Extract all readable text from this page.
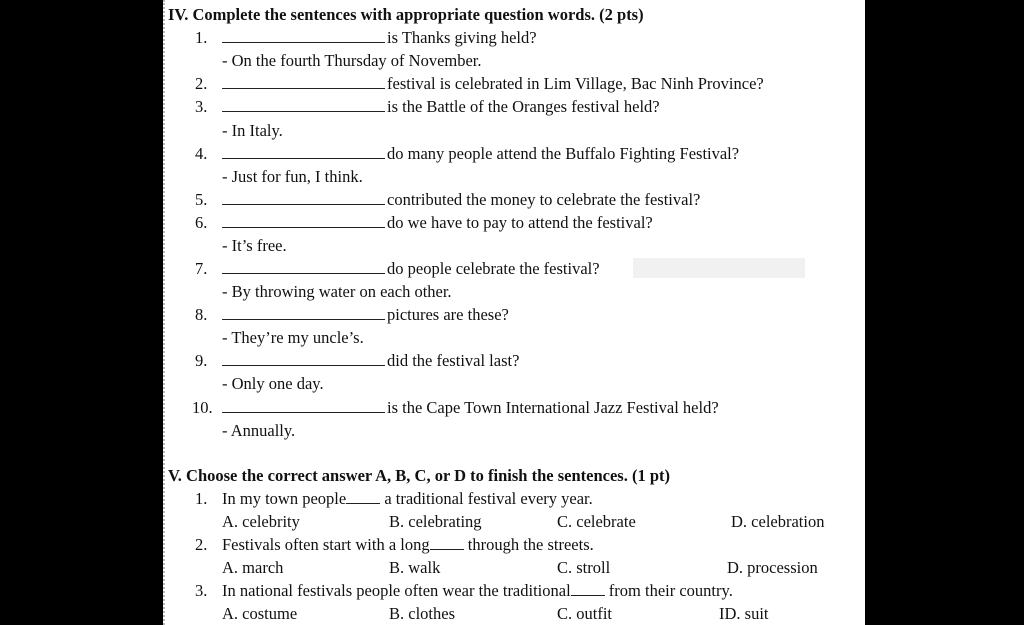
IV. Complete the sentences with appropriate question words. (2 pts)
1.	is Thanks giving held?
- On the fourth Thursday of November.
2.	festival is celebrated in Lim Village, Bac Ninh Province?
3.	is the Battle of the Oranges festival held?
- In Italy.
4.	do many people attend the Buffalo Fighting Festival?
- Just for fun, I think.
5.	contributed the money to celebrate the festival?
6.	do we have to pay to attend the festival?
- It’s free.
7.	do people celebrate the festival?
- By throwing water on each other.
8.	pictures are these?
- They’re my uncle’s.
9.	did the festival last?
- Only one day.
10.	is the Cape Town International Jazz Festival held?
- Annually.
V. Choose the correct answer A, B, C, or D to finish the sentences. (1 pt)
1. In my town people a traditional festival every year.
A. celebrity	B. celebrating	C. celebrate	D. celebration
2. Festivals often start with a long through the streets.
A. march	B. walk	C. stroll	D. procession
3. In national festivals people often wear the traditional from their country.
A. costume	B. clothes	C. outfit	ID. suit
